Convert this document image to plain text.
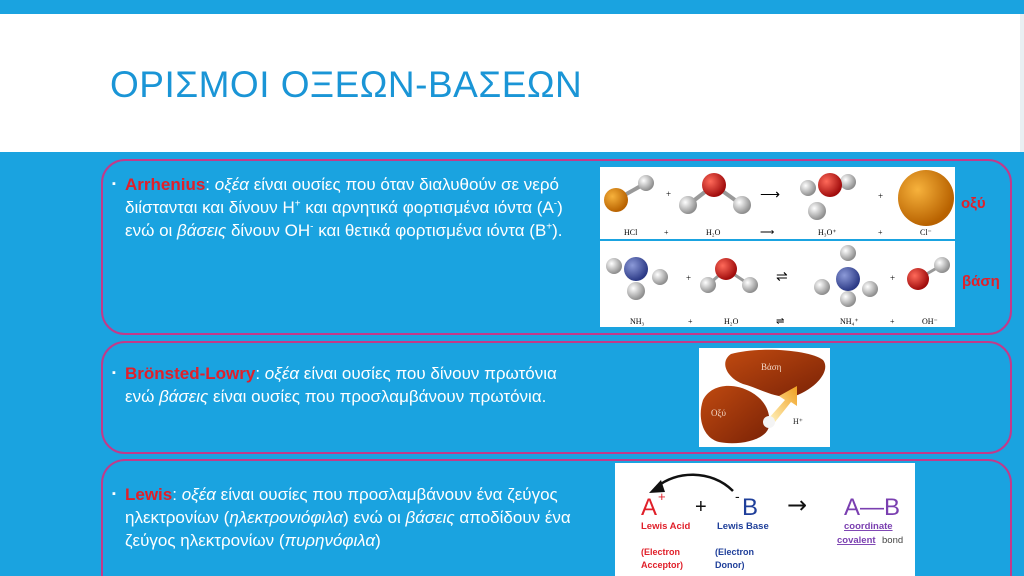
ΟΡΙΣΜΟΙ ΟΞΕΩΝ-ΒΑΣΕΩΝ
▪ Arrhenius: οξέα είναι ουσίες που όταν διαλυθούν σε νερό διίστανται και δίνουν H+ και αρνητικά φορτισμένα ιόντα (A-) ενώ οι βάσεις δίνουν OH- και θετικά φορτισμένα ιόντα (B+).
▪ Brönsted-Lowry: οξέα είναι ουσίες που δίνουν πρωτόνια ενώ βάσεις είναι ουσίες που προσλαμβάνουν πρωτόνια.
▪ Lewis: οξέα είναι ουσίες που προσλαμβάνουν ένα ζεύγος ηλεκτρονίων (ηλεκτρονιόφιλα) ενώ οι βάσεις αποδίδουν ένα ζεύγος ηλεκτρονίων (πυρηνόφιλα)
HCl	+	H₂O	⟶	H₃O⁺	+	Cl⁻
+	⟶	+	οξύ
+	⇌	+
NH₃	+	H₂O	⇌	NH₄⁺	+	OH⁻
βάση
Βάση
Οξύ
H⁺
A + + - B → A—B
Lewis Acid	Lewis Base
(Electron
Acceptor)
(Electron
Donor)
coordinate
covalent bond
